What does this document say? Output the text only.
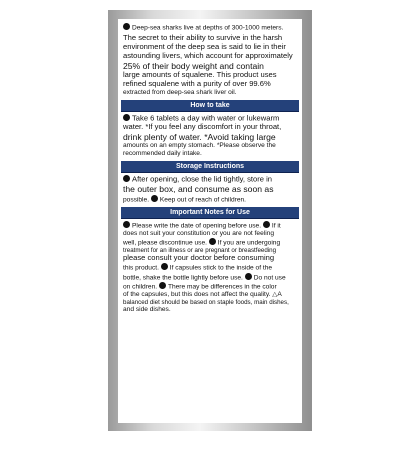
Deep-sea sharks live at depths of 300-1000 meters.

The secret to their ability to survive in the harsh

environment of the deep sea is said to lie in their

astounding livers, which account for approximately

25% of their body weight and contain

large amounts of squalene. This product uses

refined squalene with a purity of over 99.6%

extracted from deep-sea shark liver oil.

How to take

Take 6 tablets a day with water or lukewarm

water. *If you feel any discomfort in your throat,

drink plenty of water. *Avoid taking large

amounts on an empty stomach. *Please observe the

recommended daily intake.

Storage Instructions

After opening, close the lid tightly, store in

the outer box, and consume as soon as

possible. Keep out of reach of children.

Important Notes for Use

Please write the date of opening before use. If it

does not suit your constitution or you are not feeling

well, please discontinue use. If you are undergoing

treatment for an illness or are pregnant or breastfeeding

please consult your doctor before consuming

this product. If capsules stick to the inside of the

bottle, shake the bottle lightly before use. Do not use

on children. There may be differences in the color

of the capsules, but this does not affect the quality. △A

balanced diet should be based on staple foods, main dishes,

and side dishes.
